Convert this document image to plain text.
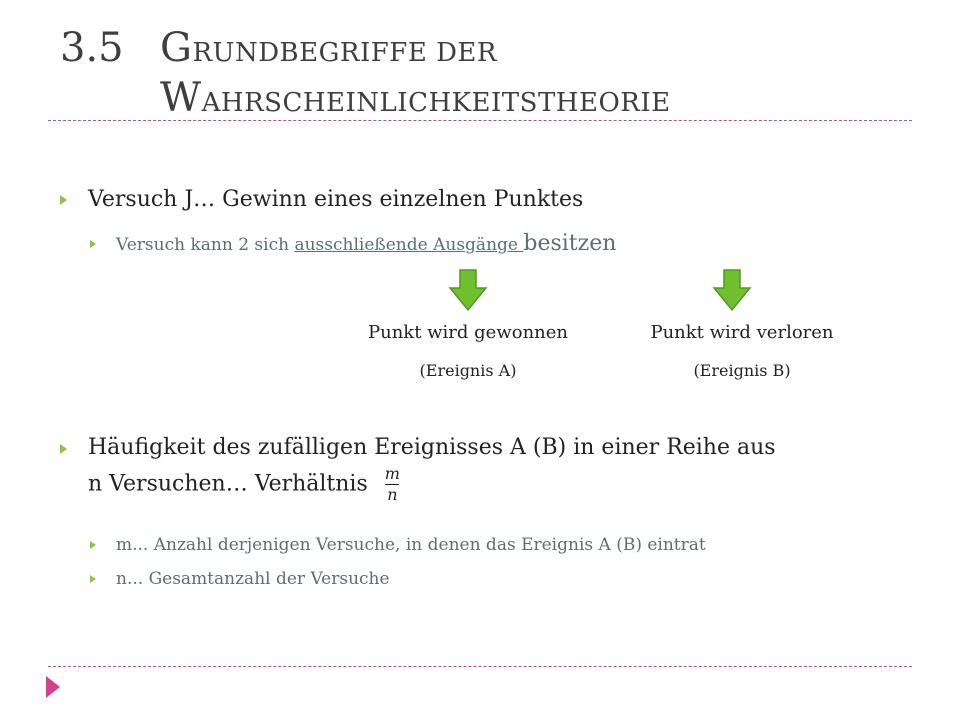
3.5 GRUNDBEGRIFFE DER
WAHRSCHEINLICHKEITSTHEORIE
Versuch J… Gewinn eines einzelnen Punktes
Versuch kann 2 sich ausschließende Ausgänge besitzen
Punkt wird gewonnen
(Ereignis A)
Punkt wird verloren
(Ereignis B)
Häufigkeit des zufälligen Ereignisses A (B) in einer Reihe aus
n Versuchen… Verhältnis $\frac{m}{n}$
m... Anzahl derjenigen Versuche, in denen das Ereignis A (B) eintrat
n... Gesamtanzahl der Versuche
